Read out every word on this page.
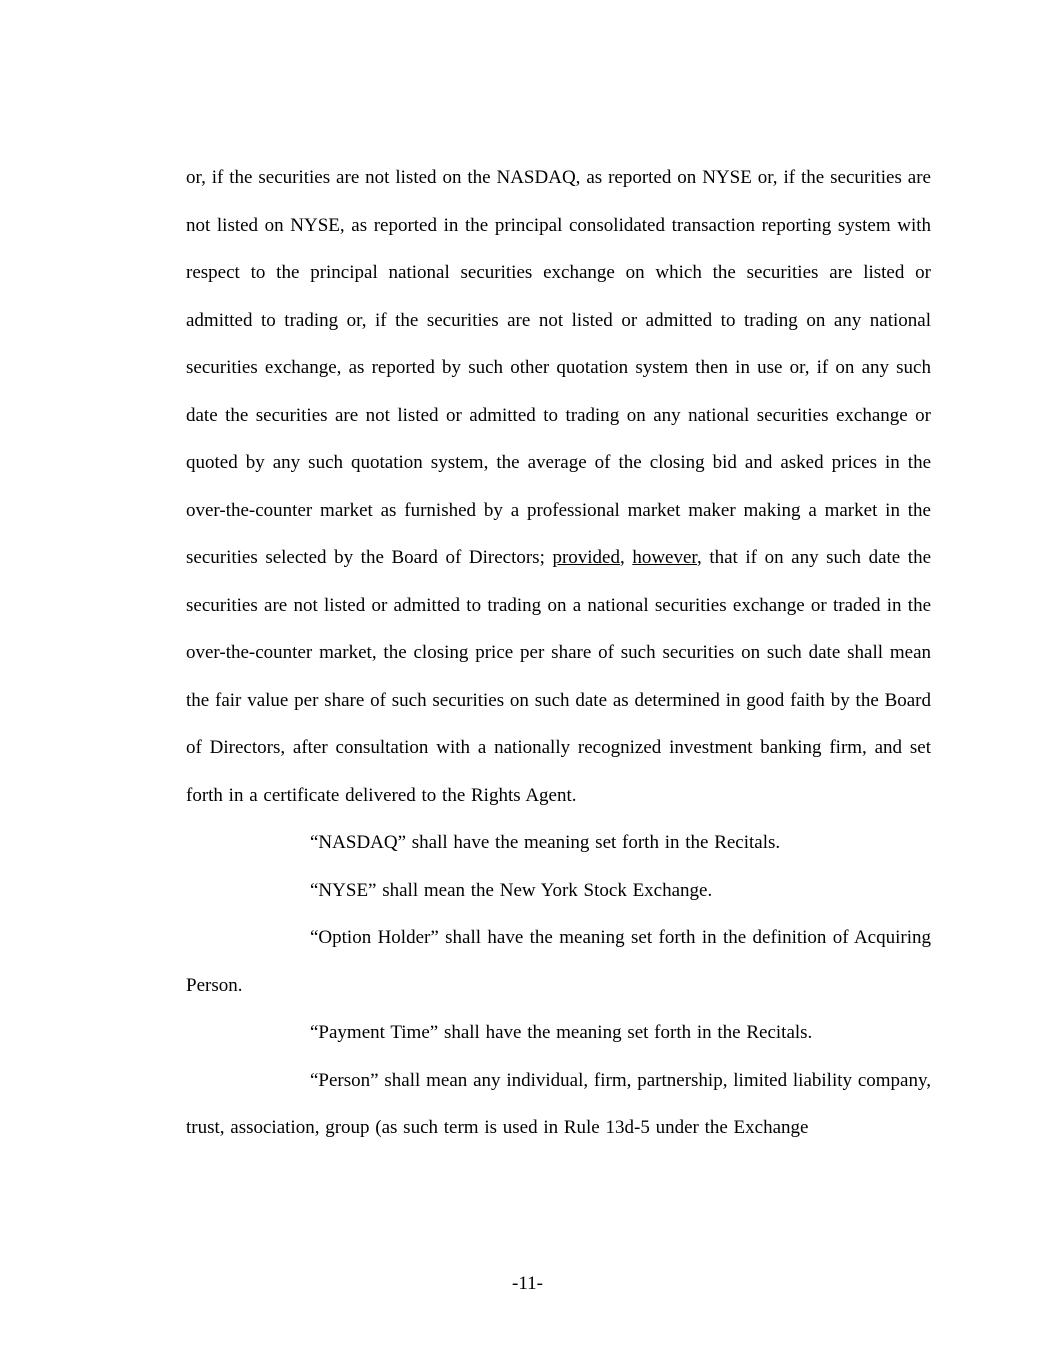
or, if the securities are not listed on the NASDAQ, as reported on NYSE or, if the securities are not listed on NYSE, as reported in the principal consolidated transaction reporting system with respect to the principal national securities exchange on which the securities are listed or admitted to trading or, if the securities are not listed or admitted to trading on any national securities exchange, as reported by such other quotation system then in use or, if on any such date the securities are not listed or admitted to trading on any national securities exchange or quoted by any such quotation system, the average of the closing bid and asked prices in the over-the-counter market as furnished by a professional market maker making a market in the securities selected by the Board of Directors; provided, however, that if on any such date the securities are not listed or admitted to trading on a national securities exchange or traded in the over-the-counter market, the closing price per share of such securities on such date shall mean the fair value per share of such securities on such date as determined in good faith by the Board of Directors, after consultation with a nationally recognized investment banking firm, and set forth in a certificate delivered to the Rights Agent.

“NASDAQ” shall have the meaning set forth in the Recitals.

“NYSE” shall mean the New York Stock Exchange.

“Option Holder” shall have the meaning set forth in the definition of Acquiring Person.

“Payment Time” shall have the meaning set forth in the Recitals.

“Person” shall mean any individual, firm, partnership, limited liability company, trust, association, group (as such term is used in Rule 13d-5 under the Exchange

-11-
